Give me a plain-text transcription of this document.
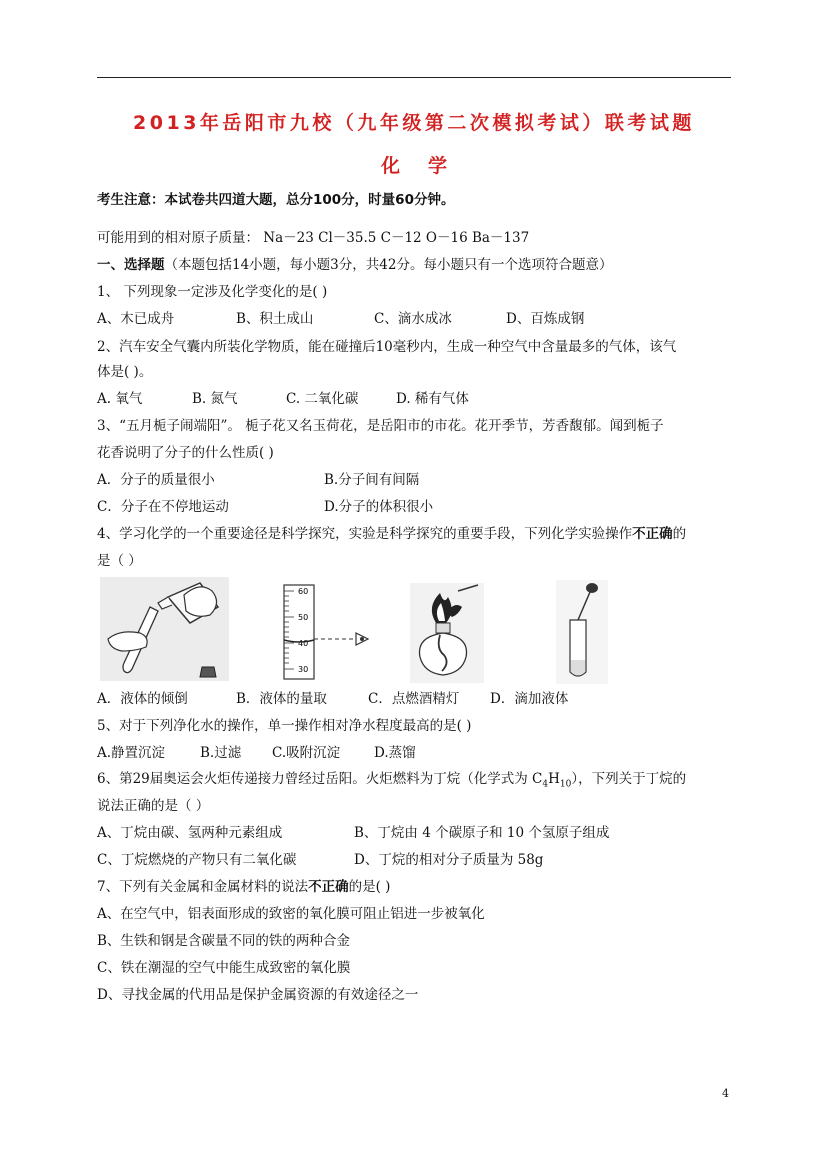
2013年岳阳市九校（九年级第二次模拟考试）联考试题
化学
考生注意：本试卷共四道大题，总分100分，时量60分钟。
可能用到的相对原子质量： Na－23 Cl－35.5 C－12 O－16 Ba－137
一、选择题（本题包括14小题，每小题3分，共42分。每小题只有一个选项符合题意）
1、 下列现象一定涉及化学变化的是( )
A、木已成舟	B、积土成山	C、滴水成冰	D、百炼成钢
2、汽车安全气囊内所装化学物质，能在碰撞后10毫秒内，生成一种空气中含量最多的气体，该气
体是( )。
A. 氧气	B. 氮气	C. 二氧化碳	D. 稀有气体
3、“五月栀子闹端阳”。 栀子花又名玉荷花，是岳阳市的市花。花开季节，芳香馥郁。闻到栀子
花香说明了分子的什么性质( )
A．分子的质量很小	B.分子间有间隔
C．分子在不停地运动	D.分子的体积很小
4、学习化学的一个重要途径是科学探究，实验是科学探究的重要手段，下列化学实验操作不正确的
是（ ）
60
50
40
30
A．液体的倾倒	B．液体的量取	C．点燃酒精灯 D．滴加液体
5、对于下列净化水的操作，单一操作相对净水程度最高的是( )
A.静置沉淀	B.过滤 C.吸附沉淀	D.蒸馏
6、第29届奥运会火炬传递接力曾经过岳阳。火炬燃料为丁烷（化学式为 $C_4H_{10}$），下列关于丁烷的
说法正确的是（ ）
A、丁烷由碳、氢两种元素组成	B、丁烷由 4 个碳原子和 10 个氢原子组成
C、丁烷燃烧的产物只有二氧化碳	D、丁烷的相对分子质量为 58g
7、下列有关金属和金属材料的说法不正确的是( )
A、在空气中，铝表面形成的致密的氧化膜可阻止铝进一步被氧化
B、生铁和钢是含碳量不同的铁的两种合金
C、铁在潮湿的空气中能生成致密的氧化膜
D、寻找金属的代用品是保护金属资源的有效途径之一
4
